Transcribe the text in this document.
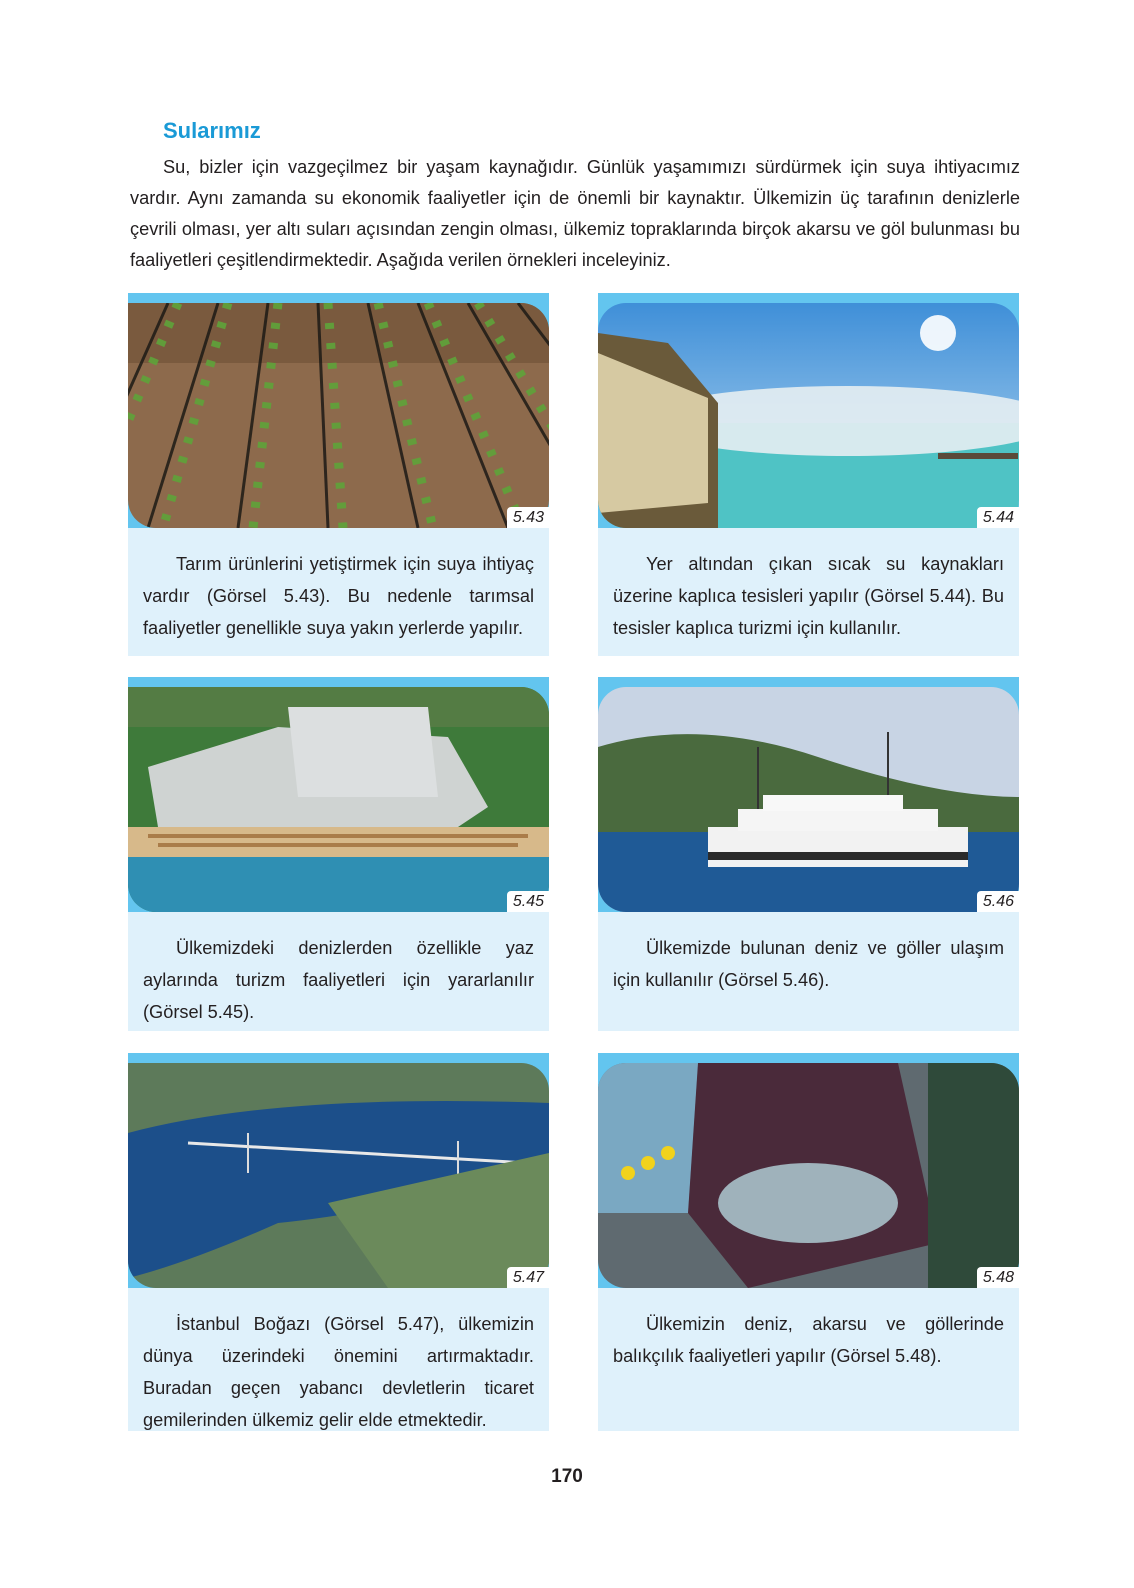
Sularımız

Su, bizler için vazgeçilmez bir yaşam kaynağıdır. Günlük yaşamımızı sürdürmek için suya ihtiyacımız vardır. Aynı zamanda su ekonomik faaliyetler için de önemli bir kaynaktır. Ülkemizin üç tarafının denizlerle çevrili olması, yer altı suları açısından zengin olması, ülkemiz topraklarında birçok akarsu ve göl bulunması bu faaliyetleri çeşitlendirmektedir. Aşağıda verilen örnekleri inceleyiniz.

5.43

Tarım ürünlerini yetiştirmek için suya ihtiyaç vardır (Görsel 5.43). Bu nedenle tarımsal faaliyetler genellikle suya yakın yerlerde yapılır.

5.44

Yer altından çıkan sıcak su kaynakları üzerine kaplıca tesisleri yapılır (Görsel 5.44). Bu tesisler kaplıca turizmi için kullanılır.

5.45

Ülkemizdeki denizlerden özellikle yaz aylarında turizm faaliyetleri için yararlanılır (Görsel 5.45).

5.46

Ülkemizde bulunan deniz ve göller ulaşım için kullanılır (Görsel 5.46).

5.47

İstanbul Boğazı (Görsel 5.47), ülkemizin dünya üzerindeki önemini artırmaktadır. Buradan geçen yabancı devletlerin ticaret gemilerinden ülkemiz gelir elde etmektedir.

5.48

Ülkemizin deniz, akarsu ve göllerinde balıkçılık faaliyetleri yapılır (Görsel 5.48).

170
